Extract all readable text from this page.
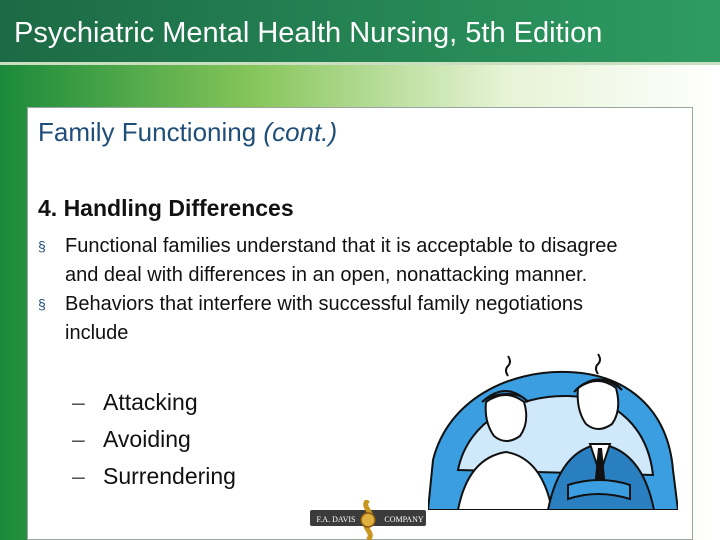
Psychiatric Mental Health Nursing, 5th Edition
Family Functioning (cont.)
4. Handling Differences
§ Functional families understand that it is acceptable to disagree and deal with differences in an open, nonattacking manner.
§ Behaviors that interfere with successful family negotiations include
– Attacking
– Avoiding
– Surrendering
F.A. DAVIS	COMPANY
